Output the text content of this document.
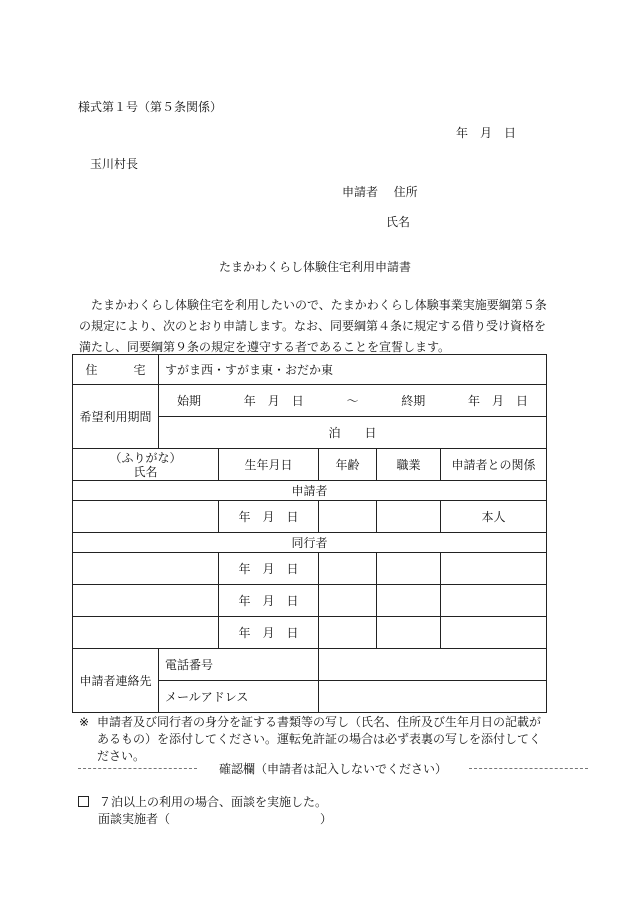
様式第１号（第５条関係）
年　月　日
玉川村長
申請者 住所
氏名
たまかわくらし体験住宅利用申請書
たまかわくらし体験住宅を利用したいので、たまかわくらし体験事業実施要綱第５条の規定により、次のとおり申請します。なお、同要綱第４条に規定する借り受け資格を満たし、同要綱第９条の規定を遵守する者であることを宣誓します。
住　　　宅	すがま西・すがま東・おだか東				
希望利用期間	始期 年　月　日 ～ 終期 年　月　日				

	泊　　日				

（ふりがな）
氏名		生年月日	年齢	職業	申請者との関係
申請者					
		年　月　日			本人
同行者					
		年　月　日			
		年　月　日			
		年　月　日			
申請者連絡先	電話番号				
	メールアドレス				
※ 申請者及び同行者の身分を証する書類等の写し（氏名、住所及び生年月日の記載があるもの）を添付してください。運転免許証の場合は必ず表裏の写しを添付してください。
確認欄（申請者は記入しないでください）
７泊以上の利用の場合、面談を実施した。
面談実施者（	）
